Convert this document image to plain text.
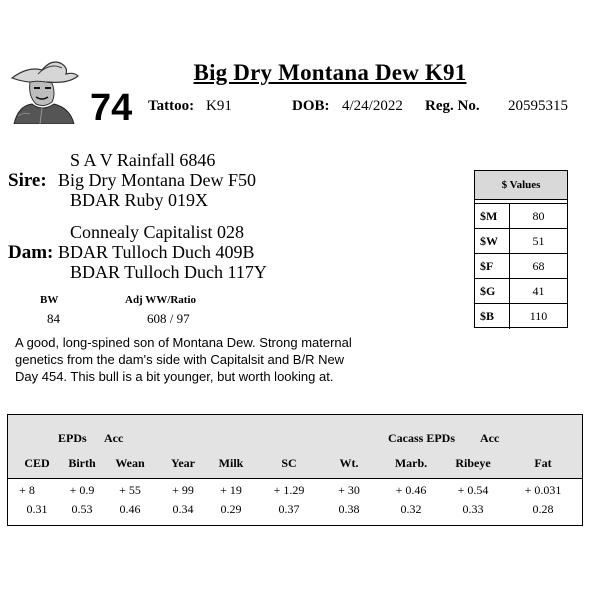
Big Dry Montana Dew K91
74 Tattoo: K91	DOB: 4/24/2022 Reg. No. 20595315
S A V Rainfall 6846
Sire: Big Dry Montana Dew F50
BDAR Ruby 019X
Connealy Capitalist 028
Dam: BDAR Tulloch Duch 409B
BDAR Tulloch Duch 117Y
BW
84
Adj WW/Ratio
608 / 97
A good, long-spined son of Montana Dew. Strong maternal genetics from the dam's side with Capitalsit and B/R New Day 454. This bull is a bit younger, but worth looking at.
$ Values
$M	80
$W	51
$F	68
$G	41
$B	110
EPDs Acc	Cacass EPDs Acc
CED	Birth	Wean	Year	Milk	SC	Wt.	Marb.	Ribeye	Fat
+ 8	+ 0.9	+ 55	+ 99	+ 19	+ 1.29	+ 30	+ 0.46	+ 0.54	+ 0.031
0.31	0.53	0.46	0.34	0.29	0.37	0.38	0.32	0.33	0.28
